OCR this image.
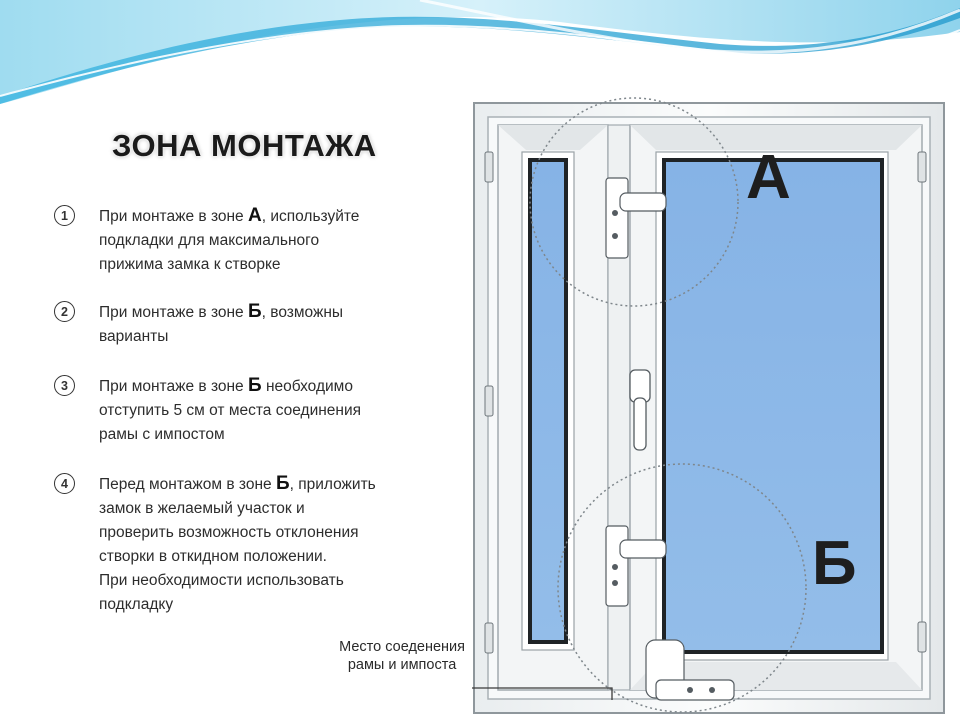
ЗОНА МОНТАЖА
1	При монтаже в зоне А, используйте
подкладки для максимального
прижима замка к створке
2	При монтаже в зоне Б, возможны
варианты
3	При монтаже в зоне Б необходимо
отступить 5 см от места соединения
рамы с импостом
4	Перед монтажом в зоне Б, приложить
замок в желаемый участок и
проверить возможность отклонения
створки в откидном положении.
При необходимости использовать
подкладку
А
Б
Место соеденения
рамы и импоста
